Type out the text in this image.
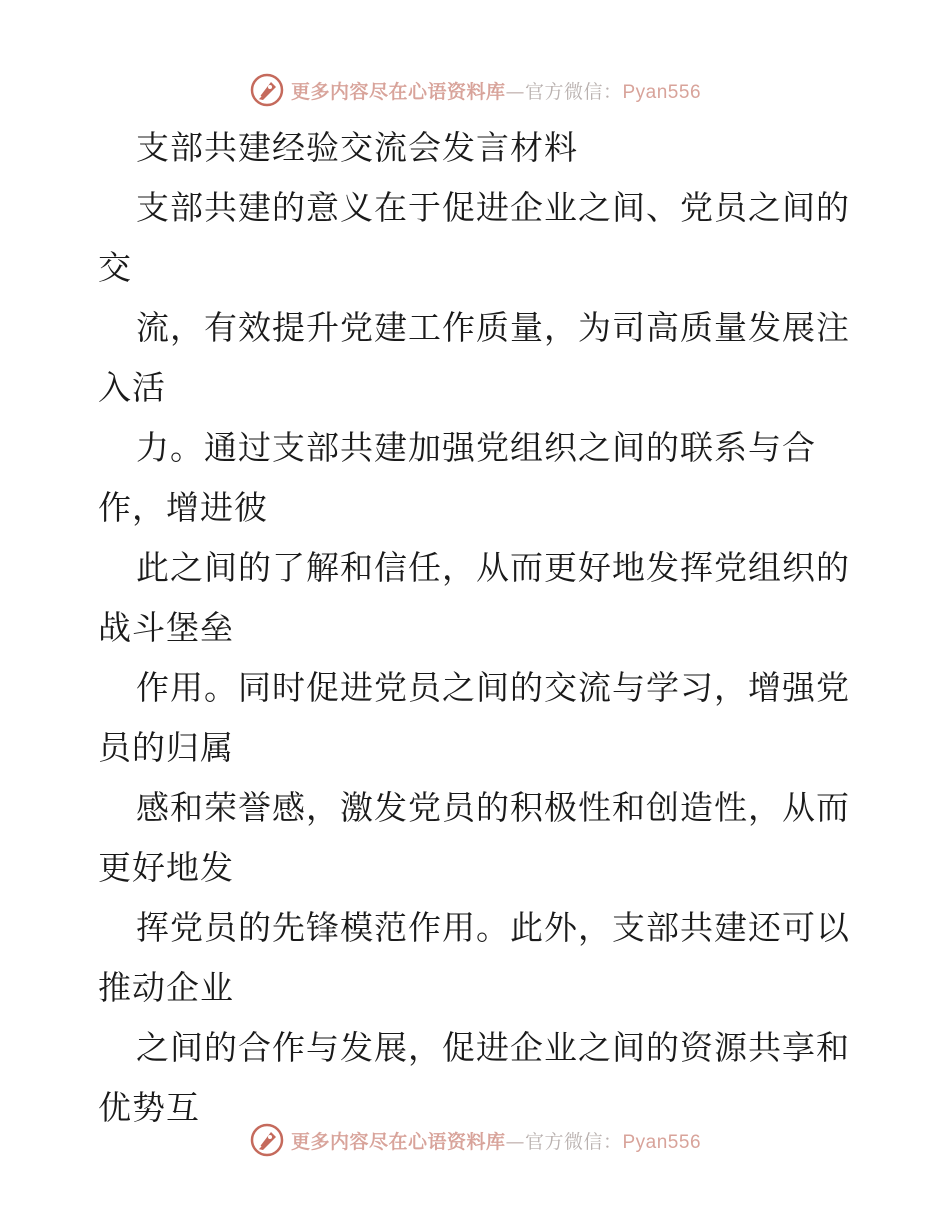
更多内容尽在心语资料库—官方微信：Pyan556
支部共建经验交流会发言材料
支部共建的意义在于促进企业之间、党员之间的
交
流，有效提升党建工作质量，为司高质量发展注
入活
力。通过支部共建加强党组织之间的联系与合
作，增进彼
此之间的了解和信任，从而更好地发挥党组织的
战斗堡垒
作用。同时促进党员之间的交流与学习，增强党
员的归属
感和荣誉感，激发党员的积极性和创造性，从而
更好地发
挥党员的先锋模范作用。此外，支部共建还可以
推动企业
之间的合作与发展，促进企业之间的资源共享和
优势互
更多内容尽在心语资料库—官方微信：Pyan556
